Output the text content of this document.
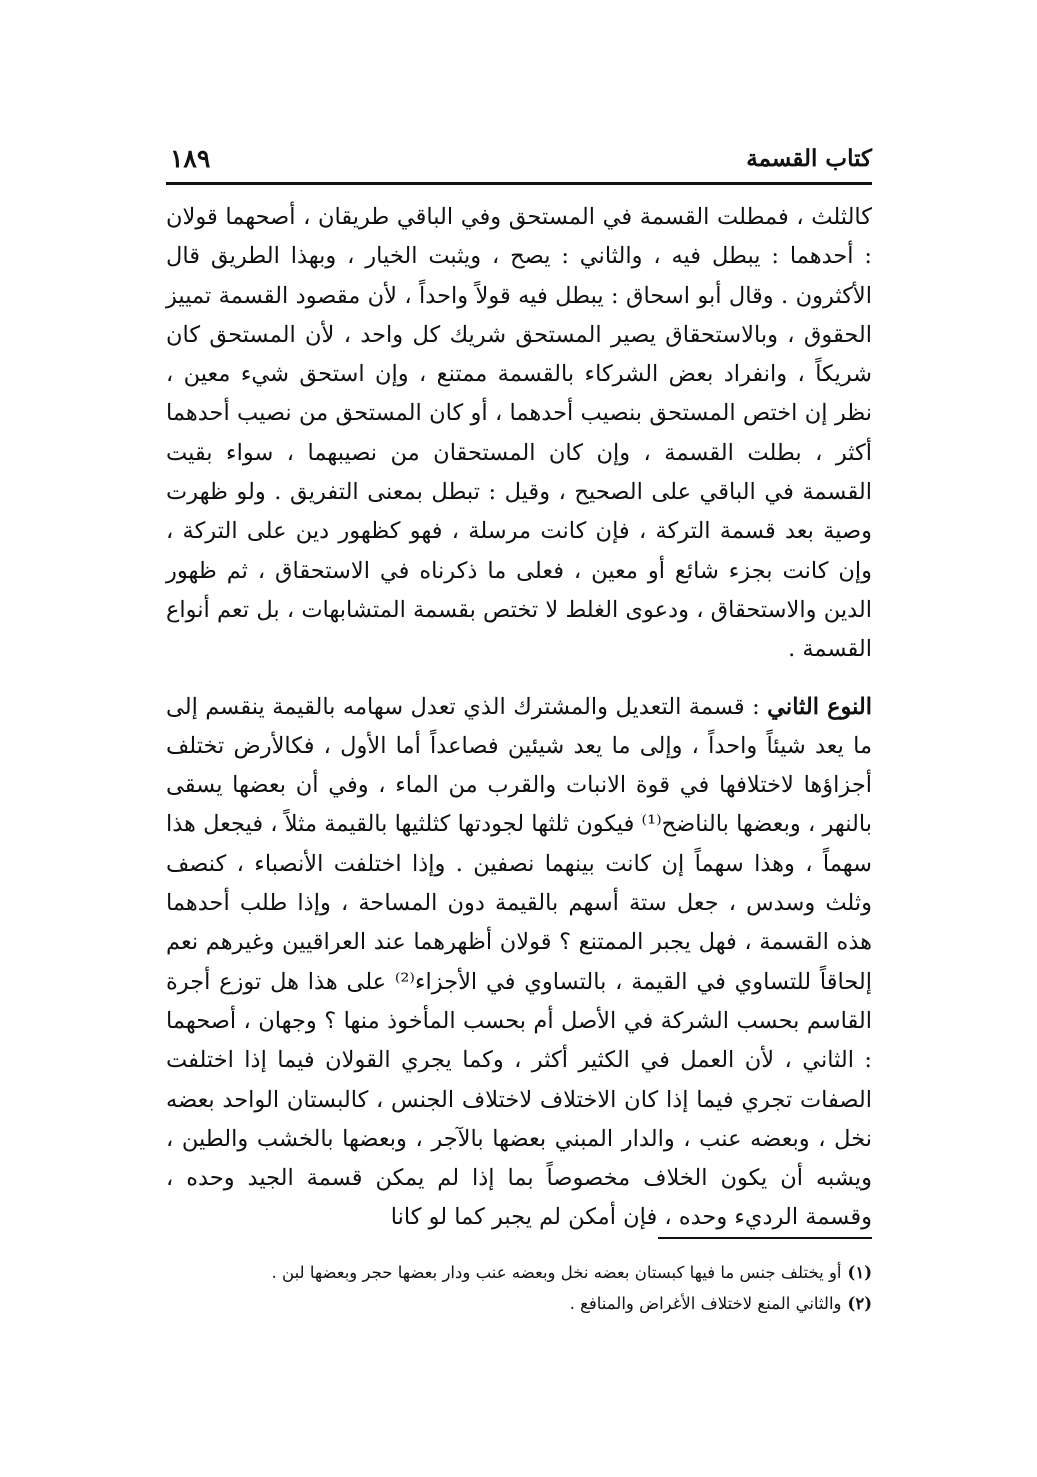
كتاب القسمة
١٨٩

كالثلث ، فمطلت القسمة في المستحق وفي الباقي طريقان ، أصحهما قولان : أحدهما : يبطل فيه ، والثاني : يصح ، ويثبت الخيار ، وبهذا الطريق قال الأكثرون . وقال أبو اسحاق : يبطل فيه قولاً واحداً ، لأن مقصود القسمة تمييز الحقوق ، وبالاستحقاق يصير المستحق شريك كل واحد ، لأن المستحق كان شريكاً ، وانفراد بعض الشركاء بالقسمة ممتنع ، وإن استحق شيء معين ، نظر إن اختص المستحق بنصيب أحدهما ، أو كان المستحق من نصيب أحدهما أكثر ، بطلت القسمة ، وإن كان المستحقان من نصيبهما ، سواء بقيت القسمة في الباقي على الصحيح ، وقيل : تبطل بمعنى التفريق . ولو ظهرت وصية بعد قسمة التركة ، فإن كانت مرسلة ، فهو كظهور دين على التركة ، وإن كانت بجزء شائع أو معين ، فعلى ما ذكرناه في الاستحقاق ، ثم ظهور الدين والاستحقاق ، ودعوى الغلط لا تختص بقسمة المتشابهات ، بل تعم أنواع القسمة .

النوع الثاني : قسمة التعديل والمشترك الذي تعدل سهامه بالقيمة ينقسم إلى ما يعد شيئاً واحداً ، وإلى ما يعد شيئين فصاعداً أما الأول ، فكالأرض تختلف أجزاؤها لاختلافها في قوة الانبات والقرب من الماء ، وفي أن بعضها يسقى بالنهر ، وبعضها بالناضح⁽¹⁾ فيكون ثلثها لجودتها كثلثيها بالقيمة مثلاً ، فيجعل هذا سهماً ، وهذا سهماً إن كانت بينهما نصفين . وإذا اختلفت الأنصباء ، كنصف وثلث وسدس ، جعل ستة أسهم بالقيمة دون المساحة ، وإذا طلب أحدهما هذه القسمة ، فهل يجبر الممتنع ؟ قولان أظهرهما عند العراقيين وغيرهم نعم إلحاقاً للتساوي في القيمة ، بالتساوي في الأجزاء⁽²⁾ على هذا هل توزع أجرة القاسم بحسب الشركة في الأصل أم بحسب المأخوذ منها ؟ وجهان ، أصحهما : الثاني ، لأن العمل في الكثير أكثر ، وكما يجري القولان فيما إذا اختلفت الصفات تجري فيما إذا كان الاختلاف لاختلاف الجنس ، كالبستان الواحد بعضه نخل ، وبعضه عنب ، والدار المبني بعضها بالآجر ، وبعضها بالخشب والطين ، ويشبه أن يكون الخلاف مخصوصاً بما إذا لم يمكن قسمة الجيد وحده ، وقسمة الرديء وحده ، فإن أمكن لم يجبر كما لو كانا

(١)أو يختلف جنس ما فيها كبستان بعضه نخل وبعضه عنب ودار بعضها حجر وبعضها لبن .

(٢)والثاني المنع لاختلاف الأغراض والمنافع .
